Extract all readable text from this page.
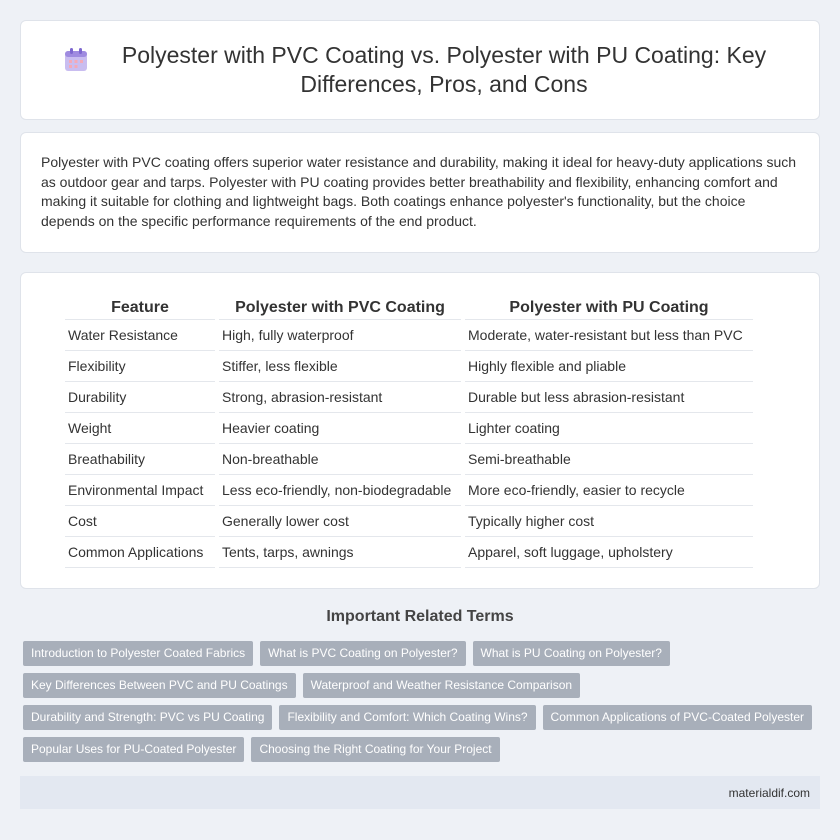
Polyester with PVC Coating vs. Polyester with PU Coating: Key Differences, Pros, and Cons

Polyester with PVC coating offers superior water resistance and durability, making it ideal for heavy-duty applications such as outdoor gear and tarps. Polyester with PU coating provides better breathability and flexibility, enhancing comfort and making it suitable for clothing and lightweight bags. Both coatings enhance polyester's functionality, but the choice depends on the specific performance requirements of the end product.

Feature	Polyester with PVC Coating	Polyester with PU Coating
Water Resistance	High, fully waterproof	Moderate, water-resistant but less than PVC
Flexibility	Stiffer, less flexible	Highly flexible and pliable
Durability	Strong, abrasion-resistant	Durable but less abrasion-resistant
Weight	Heavier coating	Lighter coating
Breathability	Non-breathable	Semi-breathable
Environmental Impact	Less eco-friendly, non-biodegradable	More eco-friendly, easier to recycle
Cost	Generally lower cost	Typically higher cost
Common Applications	Tents, tarps, awnings	Apparel, soft luggage, upholstery
Important Related Terms
Introduction to Polyester Coated Fabrics	What is PVC Coating on Polyester?	What is PU Coating on Polyester?
Key Differences Between PVC and PU Coatings	Waterproof and Weather Resistance Comparison
Durability and Strength: PVC vs PU Coating	Flexibility and Comfort: Which Coating Wins?	Common Applications of PVC-Coated Polyester
Popular Uses for PU-Coated Polyester	Choosing the Right Coating for Your Project
materialdif.com
